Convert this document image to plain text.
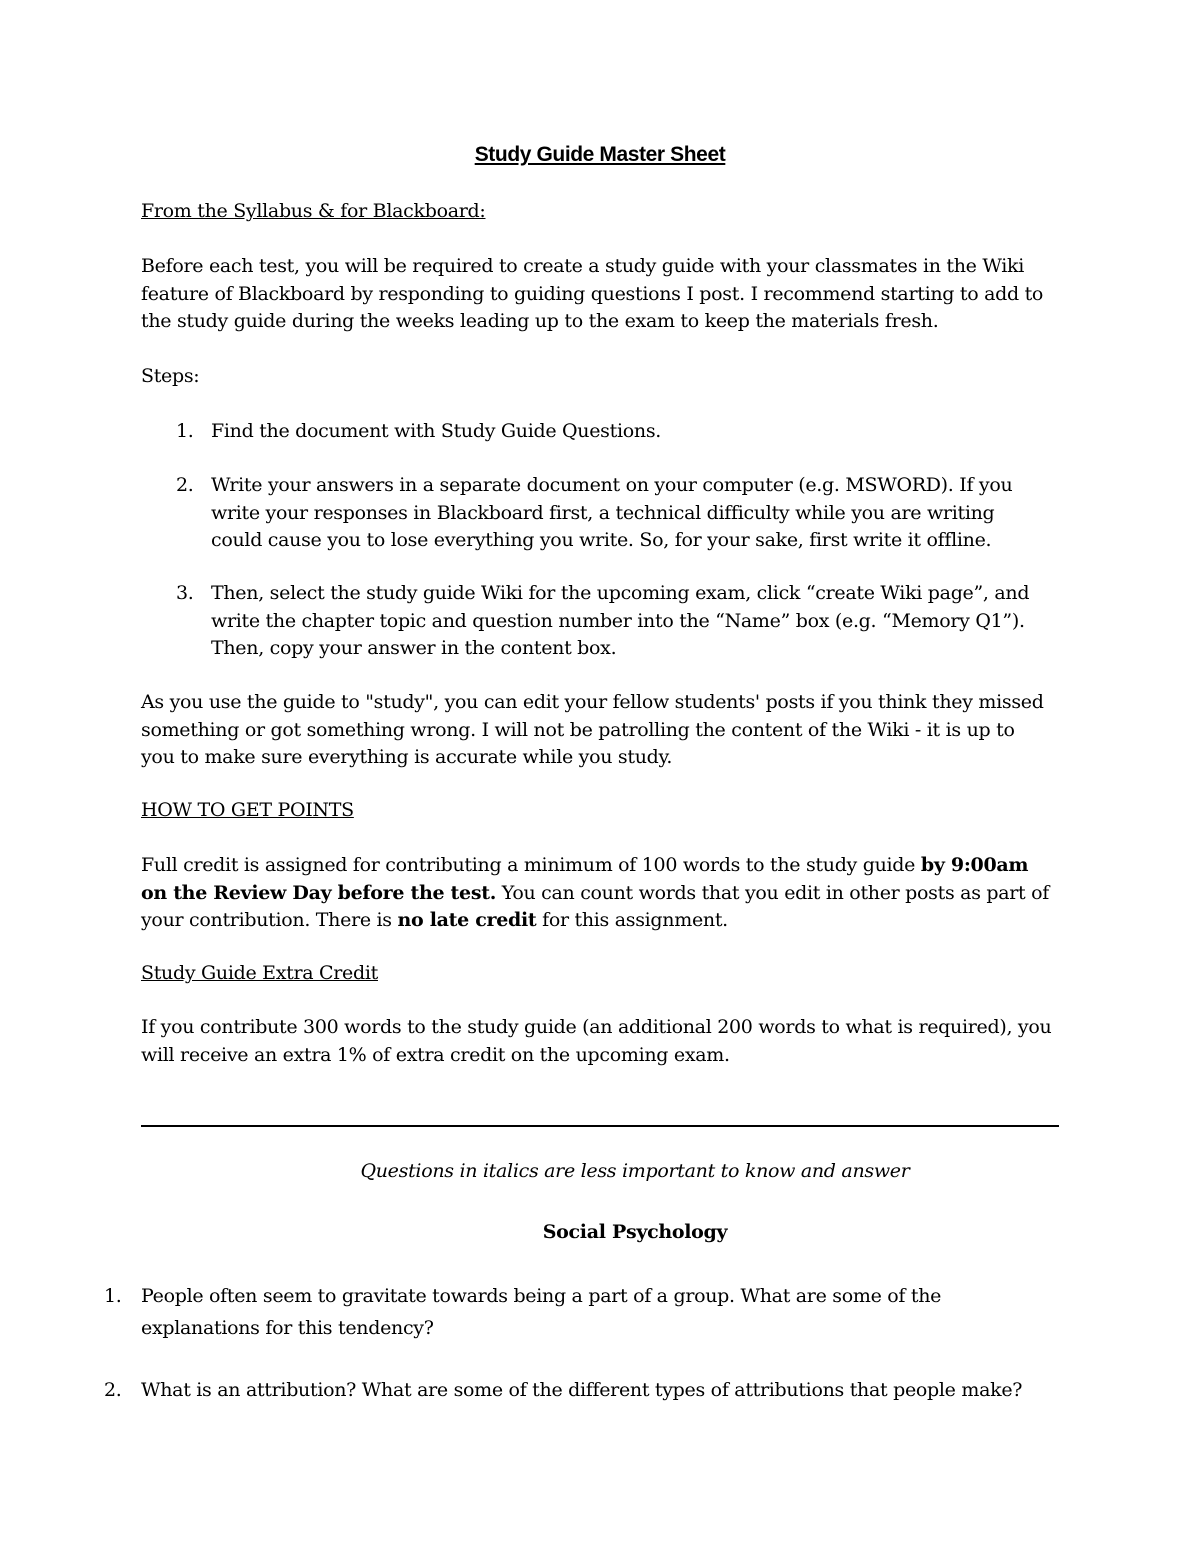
Study Guide Master Sheet
From the Syllabus & for Blackboard:
Before each test, you will be required to create a study guide with your classmates in the Wiki
feature of Blackboard by responding to guiding questions I post. I recommend starting to add to
the study guide during the weeks leading up to the exam to keep the materials fresh.
Steps:
1. Find the document with Study Guide Questions.
2. Write your answers in a separate document on your computer (e.g. MSWORD). If you
write your responses in Blackboard first, a technical difficulty while you are writing
could cause you to lose everything you write. So, for your sake, first write it offline.
3. Then, select the study guide Wiki for the upcoming exam, click “create Wiki page”, and
write the chapter topic and question number into the “Name” box (e.g. “Memory Q1”).
Then, copy your answer in the content box.
As you use the guide to "study", you can edit your fellow students' posts if you think they missed
something or got something wrong. I will not be patrolling the content of the Wiki - it is up to
you to make sure everything is accurate while you study.
HOW TO GET POINTS
Full credit is assigned for contributing a minimum of 100 words to the study guide by 9:00am
on the Review Day before the test. You can count words that you edit in other posts as part of
your contribution. There is no late credit for this assignment.
Study Guide Extra Credit
If you contribute 300 words to the study guide (an additional 200 words to what is required), you
will receive an extra 1% of extra credit on the upcoming exam.
Questions in italics are less important to know and answer
Social Psychology
1. People often seem to gravitate towards being a part of a group. What are some of the
explanations for this tendency?
2. What is an attribution? What are some of the different types of attributions that people make?
